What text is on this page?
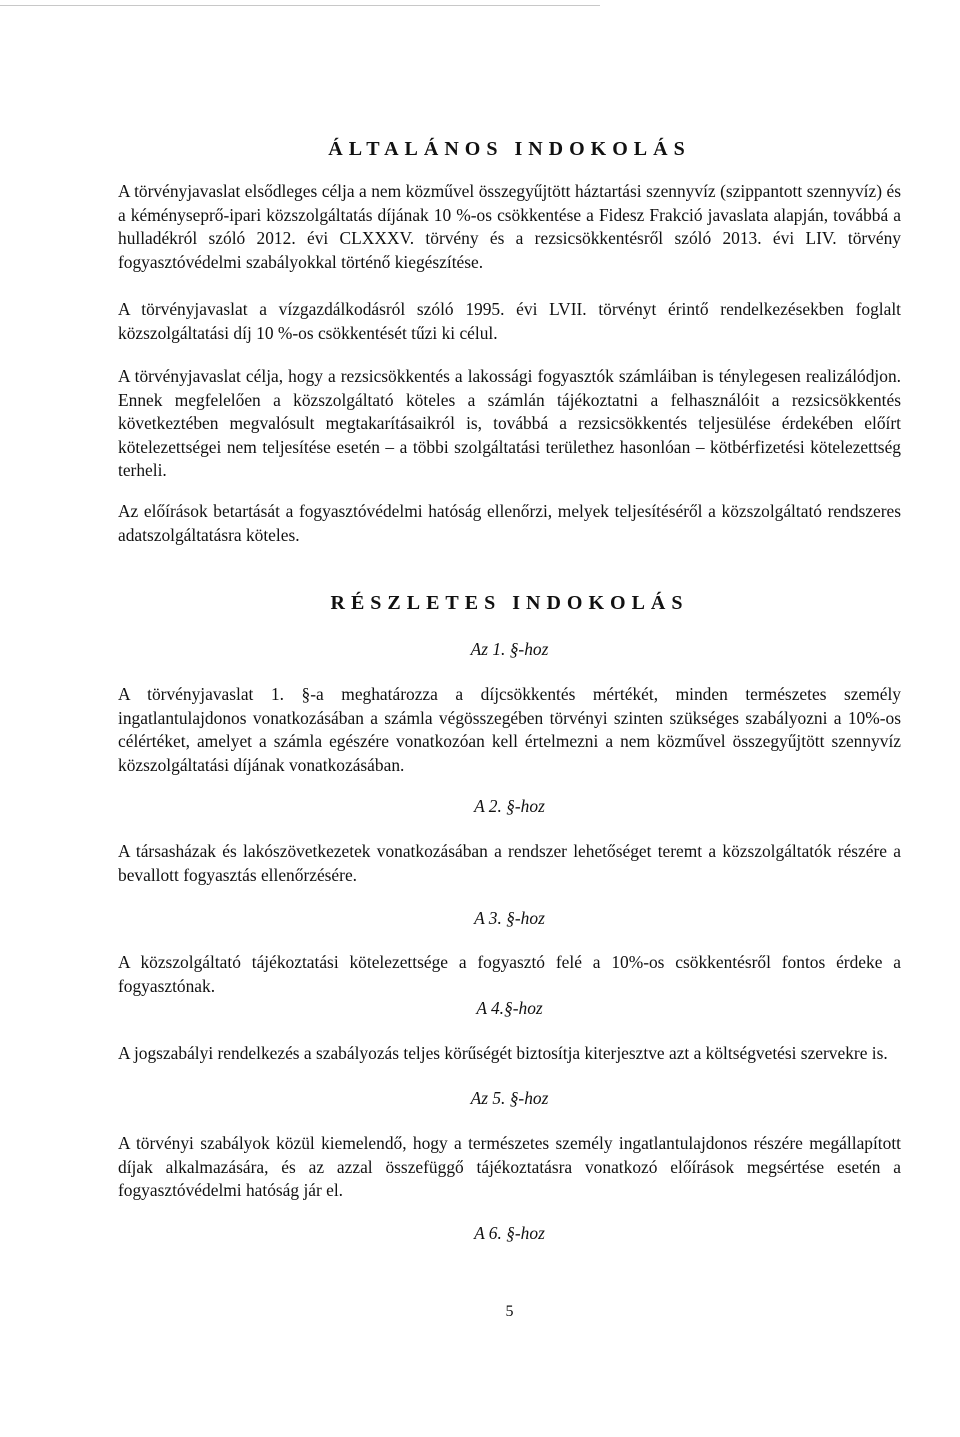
ÁLTALÁNOS INDOKOLÁS

A törvényjavaslat elsődleges célja a nem közművel összegyűjtött háztartási szennyvíz (szippantott szennyvíz) és a kéményseprő-ipari közszolgáltatás díjának 10 %-os csökkentése a Fidesz Frakció javaslata alapján, továbbá a hulladékról szóló 2012. évi CLXXXV. törvény és a rezsicsökkentésről szóló 2013. évi LIV. törvény fogyasztóvédelmi szabályokkal történő kiegészítése.

A törvényjavaslat a vízgazdálkodásról szóló 1995. évi LVII. törvényt érintő rendelkezésekben foglalt közszolgáltatási díj 10 %-os csökkentését tűzi ki célul.

A törvényjavaslat célja, hogy a rezsicsökkentés a lakossági fogyasztók számláiban is ténylegesen realizálódjon. Ennek megfelelően a közszolgáltató köteles a számlán tájékoztatni a felhasználóit a rezsicsökkentés következtében megvalósult megtakarításaikról is, továbbá a rezsicsökkentés teljesülése érdekében előírt kötelezettségei nem teljesítése esetén – a többi szolgáltatási területhez hasonlóan – kötbérfizetési kötelezettség terheli.

Az előírások betartását a fogyasztóvédelmi hatóság ellenőrzi, melyek teljesítéséről a közszolgáltató rendszeres adatszolgáltatásra köteles.

RÉSZLETES INDOKOLÁS
Az 1. §-hoz

A törvényjavaslat 1. §-a meghatározza a díjcsökkentés mértékét, minden természetes személy ingatlantulajdonos vonatkozásában a számla végösszegében törvényi szinten szükséges szabályozni a 10%-os célértéket, amelyet a számla egészére vonatkozóan kell értelmezni a nem közművel összegyűjtött szennyvíz közszolgáltatási díjának vonatkozásában.

A 2. §-hoz

A társasházak és lakószövetkezetek vonatkozásában a rendszer lehetőséget teremt a közszolgáltatók részére a bevallott fogyasztás ellenőrzésére.

A 3. §-hoz

A közszolgáltató tájékoztatási kötelezettsége a fogyasztó felé a 10%-os csökkentésről fontos érdeke a fogyasztónak.

A 4.§-hoz

A jogszabályi rendelkezés a szabályozás teljes körűségét biztosítja kiterjesztve azt a költségvetési szervekre is.

Az 5. §-hoz

A törvényi szabályok közül kiemelendő, hogy a természetes személy ingatlantulajdonos részére megállapított díjak alkalmazására, és az azzal összefüggő tájékoztatásra vonatkozó előírások megsértése esetén a fogyasztóvédelmi hatóság jár el.

A 6. §-hoz
5
